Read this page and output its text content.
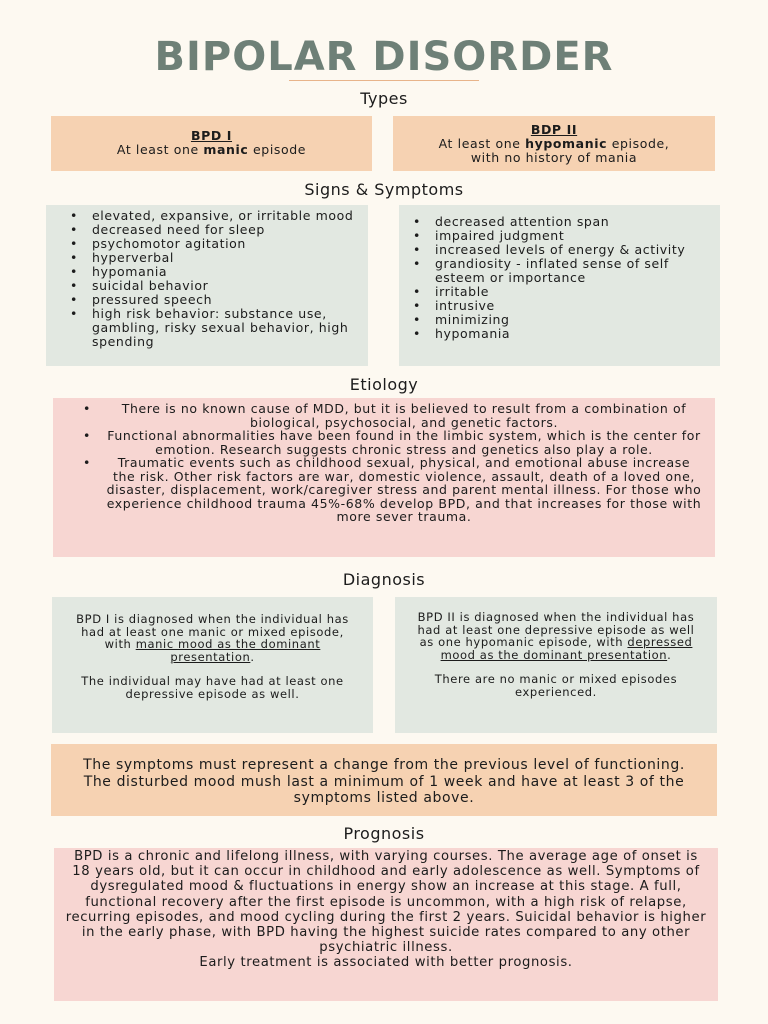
BIPOLAR DISORDER
Types
BPD I
At least one manic episode
BDP II
At least one hypomanic episode,
with no history of mania
Signs & Symptoms
• elevated, expansive, or irritable mood
• decreased need for sleep
• psychomotor agitation
• hyperverbal
• hypomania
• suicidal behavior
• pressured speech
• high risk behavior: substance use, gambling, risky sexual behavior, high spending
• decreased attention span
• impaired judgment
• increased levels of energy & activity
• grandiosity - inflated sense of self esteem or importance
• irritable
• intrusive
• minimizing
• hypomania
Etiology
• There is no known cause of MDD, but it is believed to result from a combination of biological, psychosocial, and genetic factors.
• Functional abnormalities have been found in the limbic system, which is the center for emotion. Research suggests chronic stress and genetics also play a role.
• Traumatic events such as childhood sexual, physical, and emotional abuse increase the risk. Other risk factors are war, domestic violence, assault, death of a loved one, disaster, displacement, work/caregiver stress and parent mental illness. For those who experience childhood trauma 45%-68% develop BPD, and that increases for those with more sever trauma.
Diagnosis

BPD I is diagnosed when the individual has had at least one manic or mixed episode, with manic mood as the dominant presentation.

The individual may have had at least one depressive episode as well.

BPD II is diagnosed when the individual has had at least one depressive episode as well as one hypomanic episode, with depressed mood as the dominant presentation.

There are no manic or mixed episodes experienced.

The symptoms must represent a change from the previous level of functioning. The disturbed mood mush last a minimum of 1 week and have at least 3 of the symptoms listed above.
Prognosis

BPD is a chronic and lifelong illness, with varying courses. The average age of onset is 18 years old, but it can occur in childhood and early adolescence as well. Symptoms of dysregulated mood & fluctuations in energy show an increase at this stage. A full, functional recovery after the first episode is uncommon, with a high risk of relapse, recurring episodes, and mood cycling during the first 2 years. Suicidal behavior is higher in the early phase, with BPD having the highest suicide rates compared to any other psychiatric illness.

Early treatment is associated with better prognosis.
